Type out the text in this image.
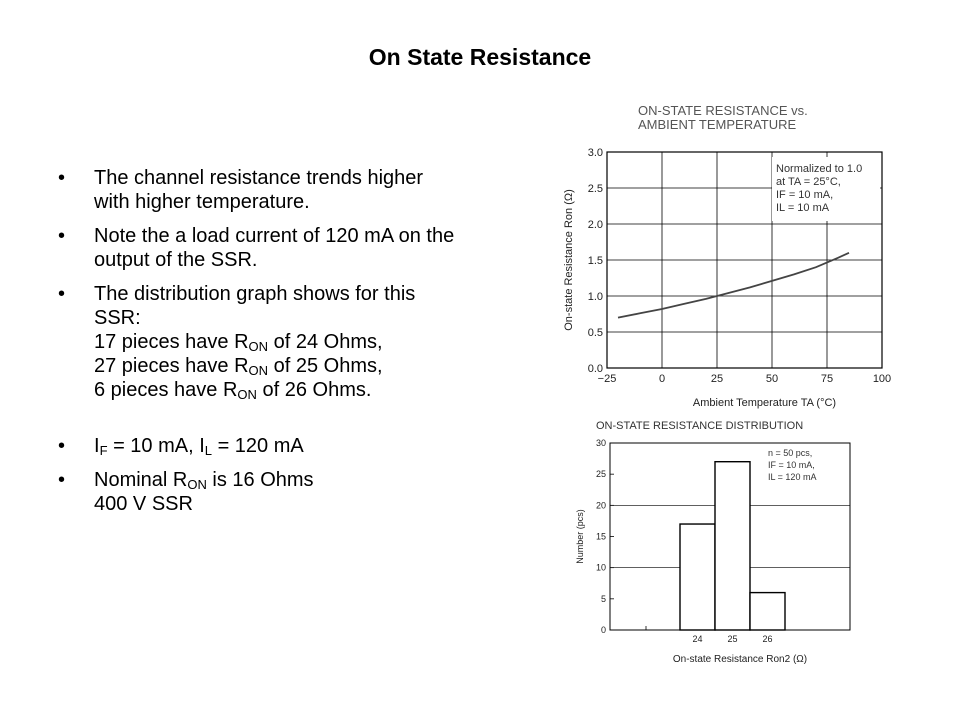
On State Resistance
• The channel resistance trends higher
with higher temperature.
• Note the a load current of 120 mA on the
output of the SSR.
• The distribution graph shows for this
SSR:
17 pieces have $R_{ON}$ of 24 Ohms,
27 pieces have $R_{ON}$ of 25 Ohms,
6 pieces have $R_{ON}$ of 26 Ohms.
• $I_F = 10$ mA, $I_L = 120$ mA
• Nominal $R_{ON}$ is 16 Ohms
400 V SSR
ON-STATE RESISTANCE vs.
AMBIENT TEMPERATURE
0.0
0.5
1.0
1.5
2.0
2.5
3.0
−25	0	25	50	75	100
Ambient Temperature TA (°C)
On-state Resistance Ron (Ω)
Normalized to 1.0
at TA = 25°C,
IF = 10 mA,
IL = 10 mA
ON-STATE RESISTANCE DISTRIBUTION
0
5
10
15
20
25
30
24	25	26
n = 50 pcs,
IF = 10 mA,
IL = 120 mA
On-state Resistance Ron2 (Ω)
Number (pcs)
